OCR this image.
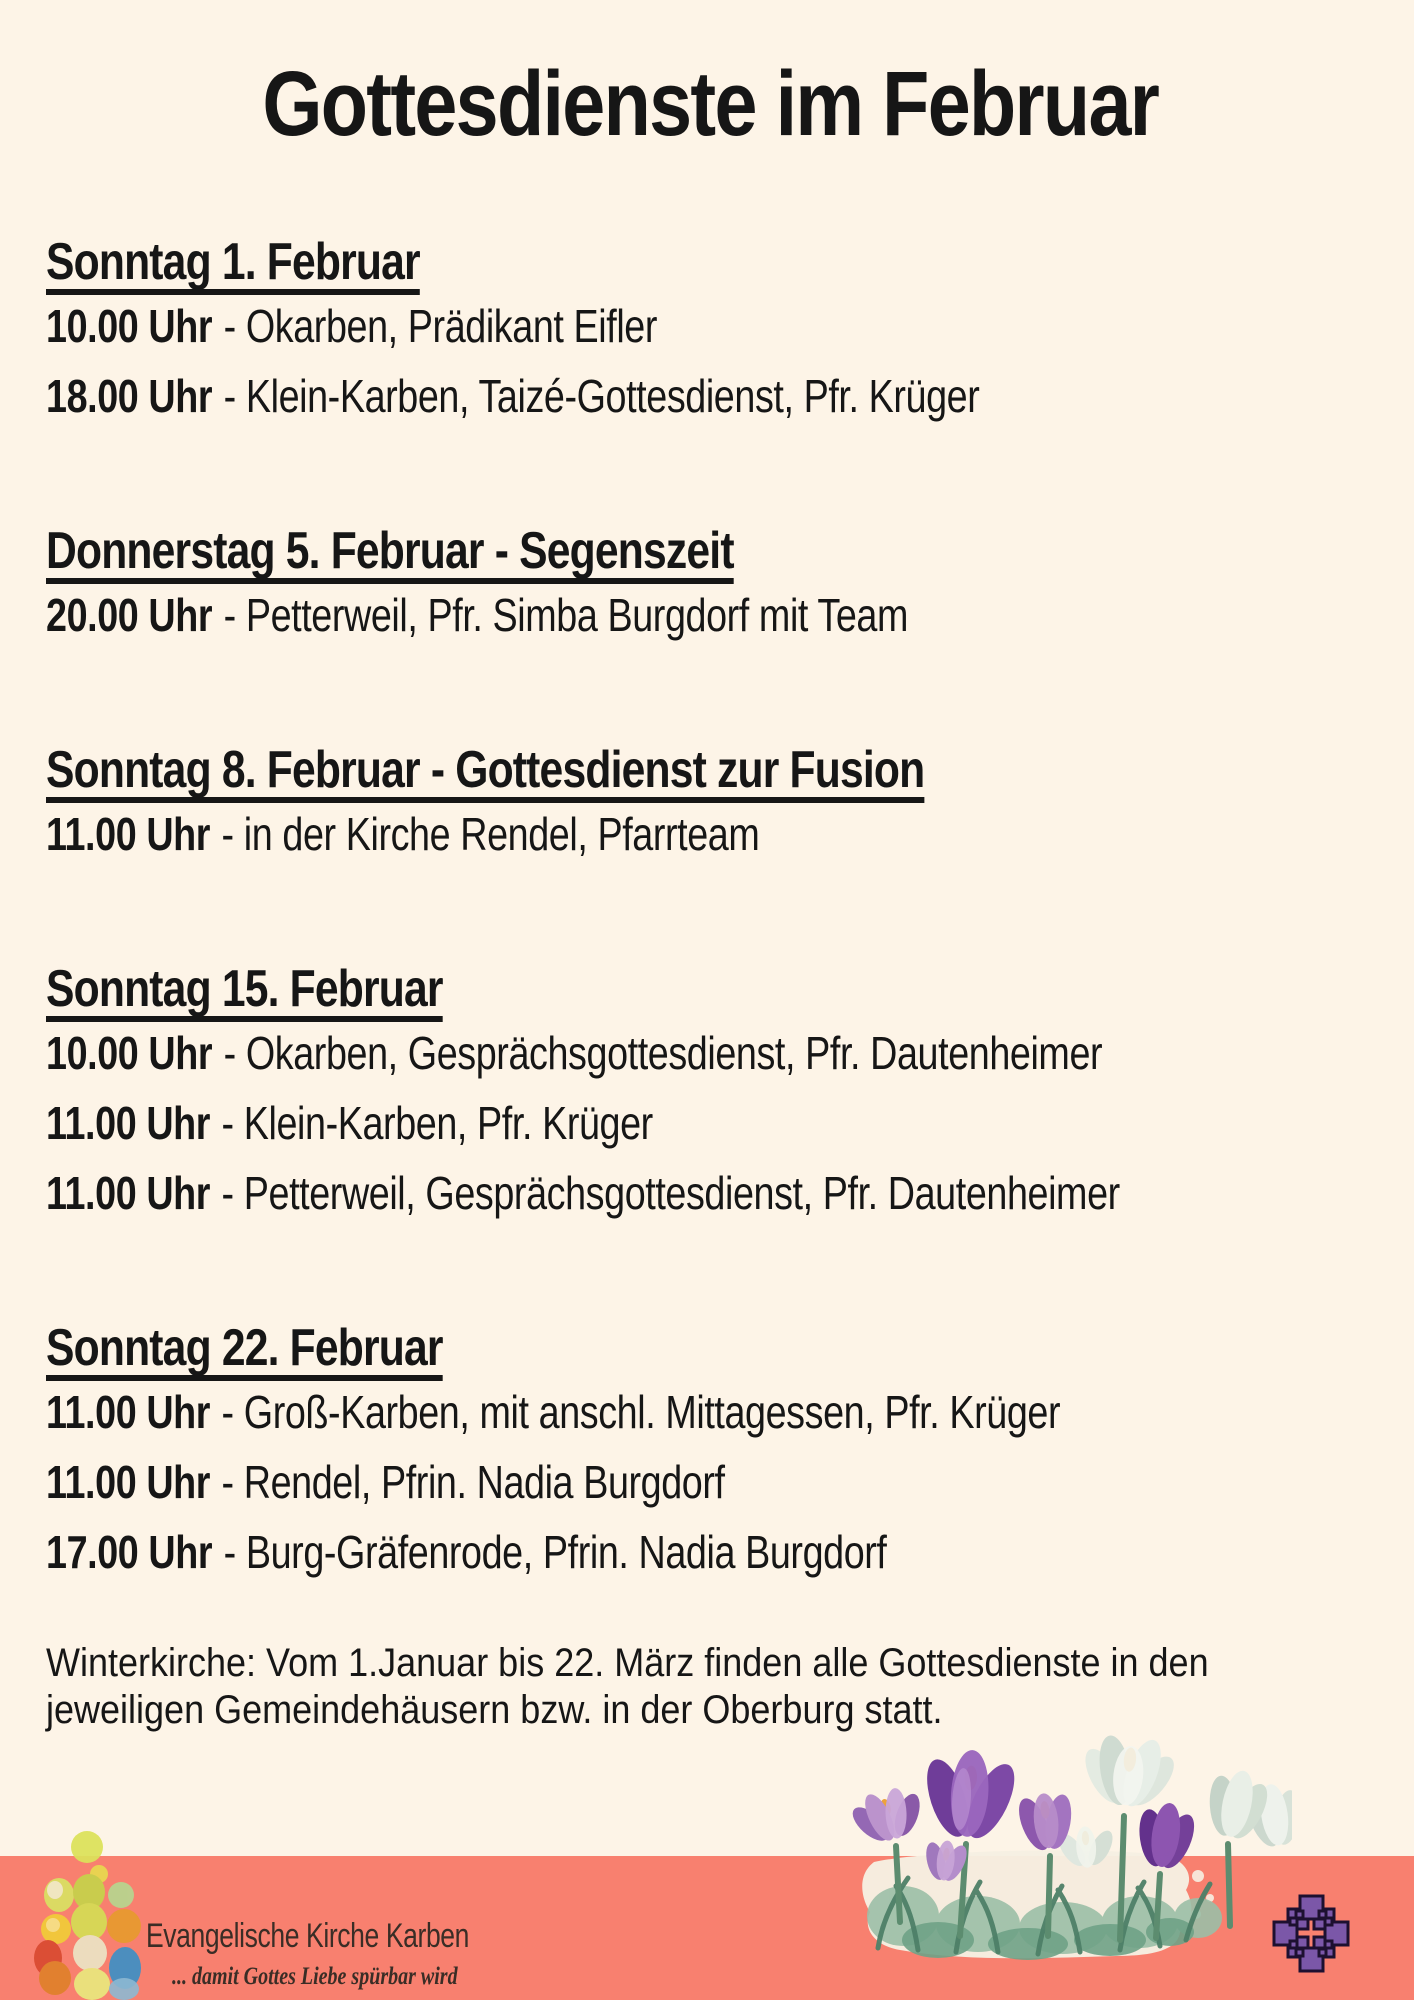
Gottesdienste im Februar
Sonntag 1. Februar
10.00 Uhr - Okarben, Prädikant Eifler
18.00 Uhr - Klein-Karben, Taizé-Gottesdienst, Pfr. Krüger
Donnerstag 5. Februar - Segenszeit
20.00 Uhr - Petterweil, Pfr. Simba Burgdorf mit Team
Sonntag 8. Februar - Gottesdienst zur Fusion
11.00 Uhr - in der Kirche Rendel, Pfarrteam
Sonntag 15. Februar
10.00 Uhr - Okarben, Gesprächsgottesdienst, Pfr. Dautenheimer
11.00 Uhr - Klein-Karben, Pfr. Krüger
11.00 Uhr - Petterweil, Gesprächsgottesdienst, Pfr. Dautenheimer
Sonntag 22. Februar
11.00 Uhr - Groß-Karben, mit anschl. Mittagessen, Pfr. Krüger
11.00 Uhr - Rendel, Pfrin. Nadia Burgdorf
17.00 Uhr - Burg-Gräfenrode, Pfrin. Nadia Burgdorf
Winterkirche: Vom 1.Januar bis 22. März finden alle Gottesdienste in den
jeweiligen Gemeindehäusern bzw. in der Oberburg statt.
Evangelische Kirche Karben
... damit Gottes Liebe spürbar wird
